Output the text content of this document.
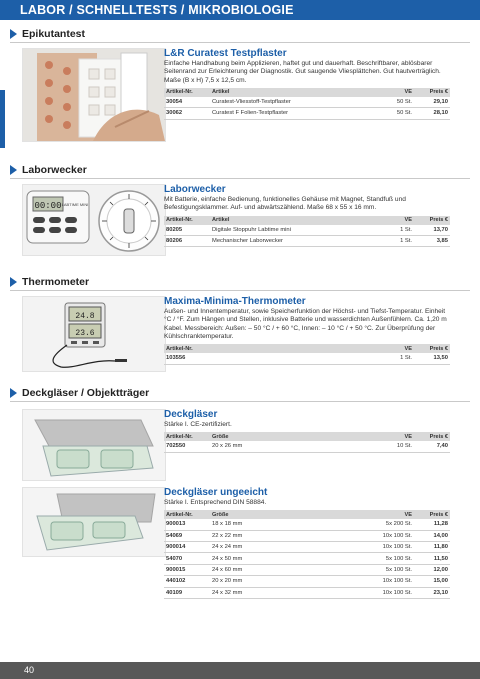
LABOR / SCHNELLTESTS / MIKROBIOLOGIE
Epikutantest
L&R Curatest Testpflaster

Einfache Handhabung beim Applizieren, haftet gut und dauerhaft. Beschriftbarer, ablösbarer Seitenrand zur Erleichterung der Diagnostik. Gut saugende Vliesplättchen. Gut hautverträglich. Maße (B x H) 7,5 x 12,5 cm.

Artikel-Nr.	Artikel	VE	Preis €
30054	Curatest-Vliesstoff-Testpflaster	50 St.	29,10
30062	Curatest F Folien-Testpflaster	50 St.	28,10
Laborwecker
00:00 LABTIME MINI
Laborwecker

Mit Batterie, einfache Bedienung, funktionelles Gehäuse mit Magnet, Standfuß und Befestigungsklammer. Auf- und abwärtszählend. Maße 68 x 55 x 16 mm.

Artikel-Nr.	Artikel	VE	Preis €
80205	Digitale Stoppuhr Labtime mini	1 St.	13,70
80206	Mechanischer Laborwecker	1 St.	3,85
Thermometer
24.8
23.6
Maxima-Minima-Thermometer

Außen- und Innentemperatur, sowie Speicherfunktion der Höchst- und Tiefst-Temperatur. Einheit °C / °F. Zum Hängen und Stellen, inklusive Batterie und wasserdichten Außenfühlern. Ca. 1,20 m Kabel. Messbereich: Außen: – 50 °C / + 60 °C, Innen: – 10 °C / + 50 °C. Zur Überprüfung der Kühlschranktemperatur.

Artikel-Nr.		VE	Preis €
103556		1 St.	13,50
Deckgläser / Objektträger
Deckgläser

Stärke I. CE-zertifiziert.

Artikel-Nr.	Größe	VE	Preis €
702550	20 x 26 mm	10 St.	7,40
Deckgläser ungeeicht

Stärke I. Entsprechend DIN 58884.

Artikel-Nr.	Größe	VE	Preis €
900013	18 x 18 mm	5x 200 St.	11,28
54069	22 x 22 mm	10x 100 St.	14,00
900014	24 x 24 mm	10x 100 St.	11,80
54070	24 x 50 mm	5x 100 St.	11,50
900015	24 x 60 mm	5x 100 St.	12,00
440102	20 x 20 mm	10x 100 St.	15,00
40109	24 x 32 mm	10x 100 St.	23,10
40
